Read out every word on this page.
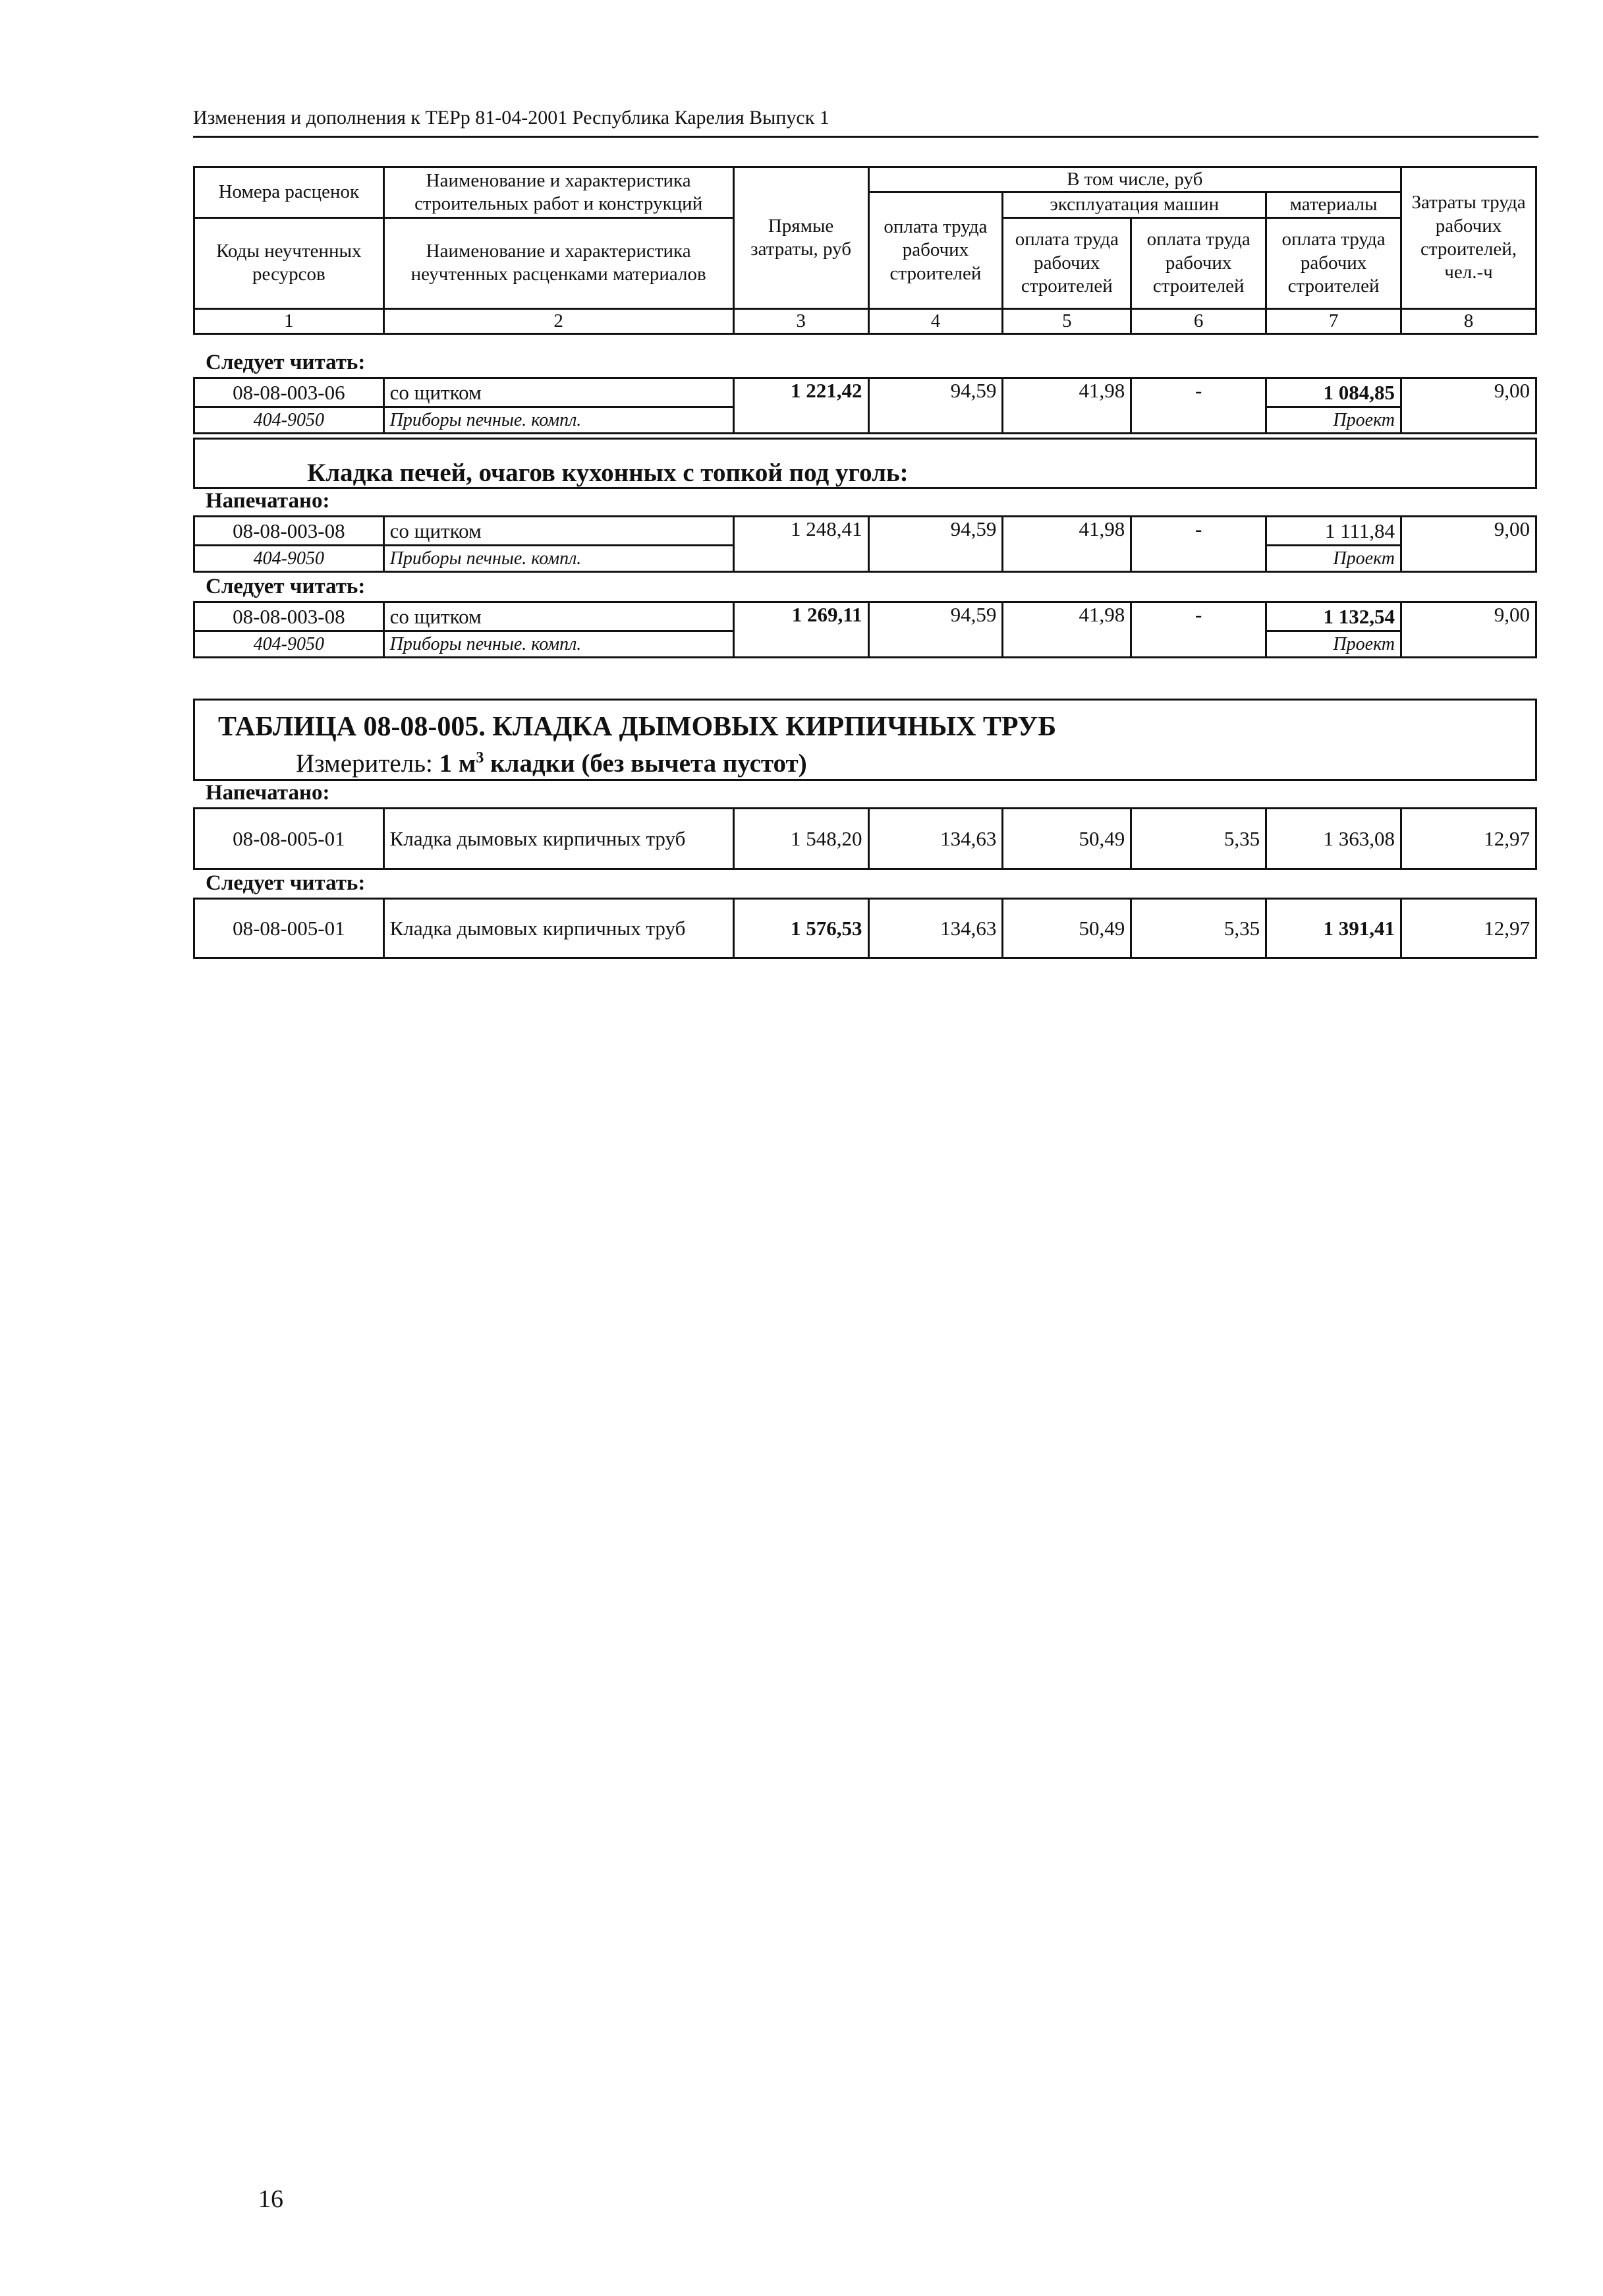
Изменения и дополнения к ТЕРр 81-04-2001 Республика Карелия Выпуск 1
Номера расценок	Наименование и характеристика строительных работ и конструкций	Прямые затраты, руб	В том числе, руб				Затраты труда рабочих строителей, чел.-ч
			оплата труда рабочих строителей	эксплуатация машин		материалы	
Коды неучтенных ресурсов	Наименование и характеристика неучтенных расценками материалов			оплата труда рабочих строителей	оплата труда рабочих строителей	оплата труда рабочих строителей	

1	2	3	4	5	6	7	8
Следует читать:
08-08-003-06	со щитком	1 221,42	94,59	41,98	-	1 084,85	9,00
404-9050	Приборы печные. компл.					Проект	
Кладка печей, очагов кухонных с топкой под уголь:
Напечатано:
08-08-003-08	со щитком	1 248,41	94,59	41,98	-	1 111,84	9,00
404-9050	Приборы печные. компл.					Проект	
Следует читать:
08-08-003-08	со щитком	1 269,11	94,59	41,98	-	1 132,54	9,00
404-9050	Приборы печные. компл.					Проект	
ТАБЛИЦА 08-08-005. КЛАДКА ДЫМОВЫХ КИРПИЧНЫХ ТРУБ
Измеритель: 1 $м^3$ кладки (без вычета пустот)
Напечатано:
08-08-005-01	Кладка дымовых кирпичных труб	1 548,20	134,63	50,49	5,35	1 363,08	12,97
Следует читать:
08-08-005-01	Кладка дымовых кирпичных труб	1 576,53	134,63	50,49	5,35	1 391,41	12,97
16
